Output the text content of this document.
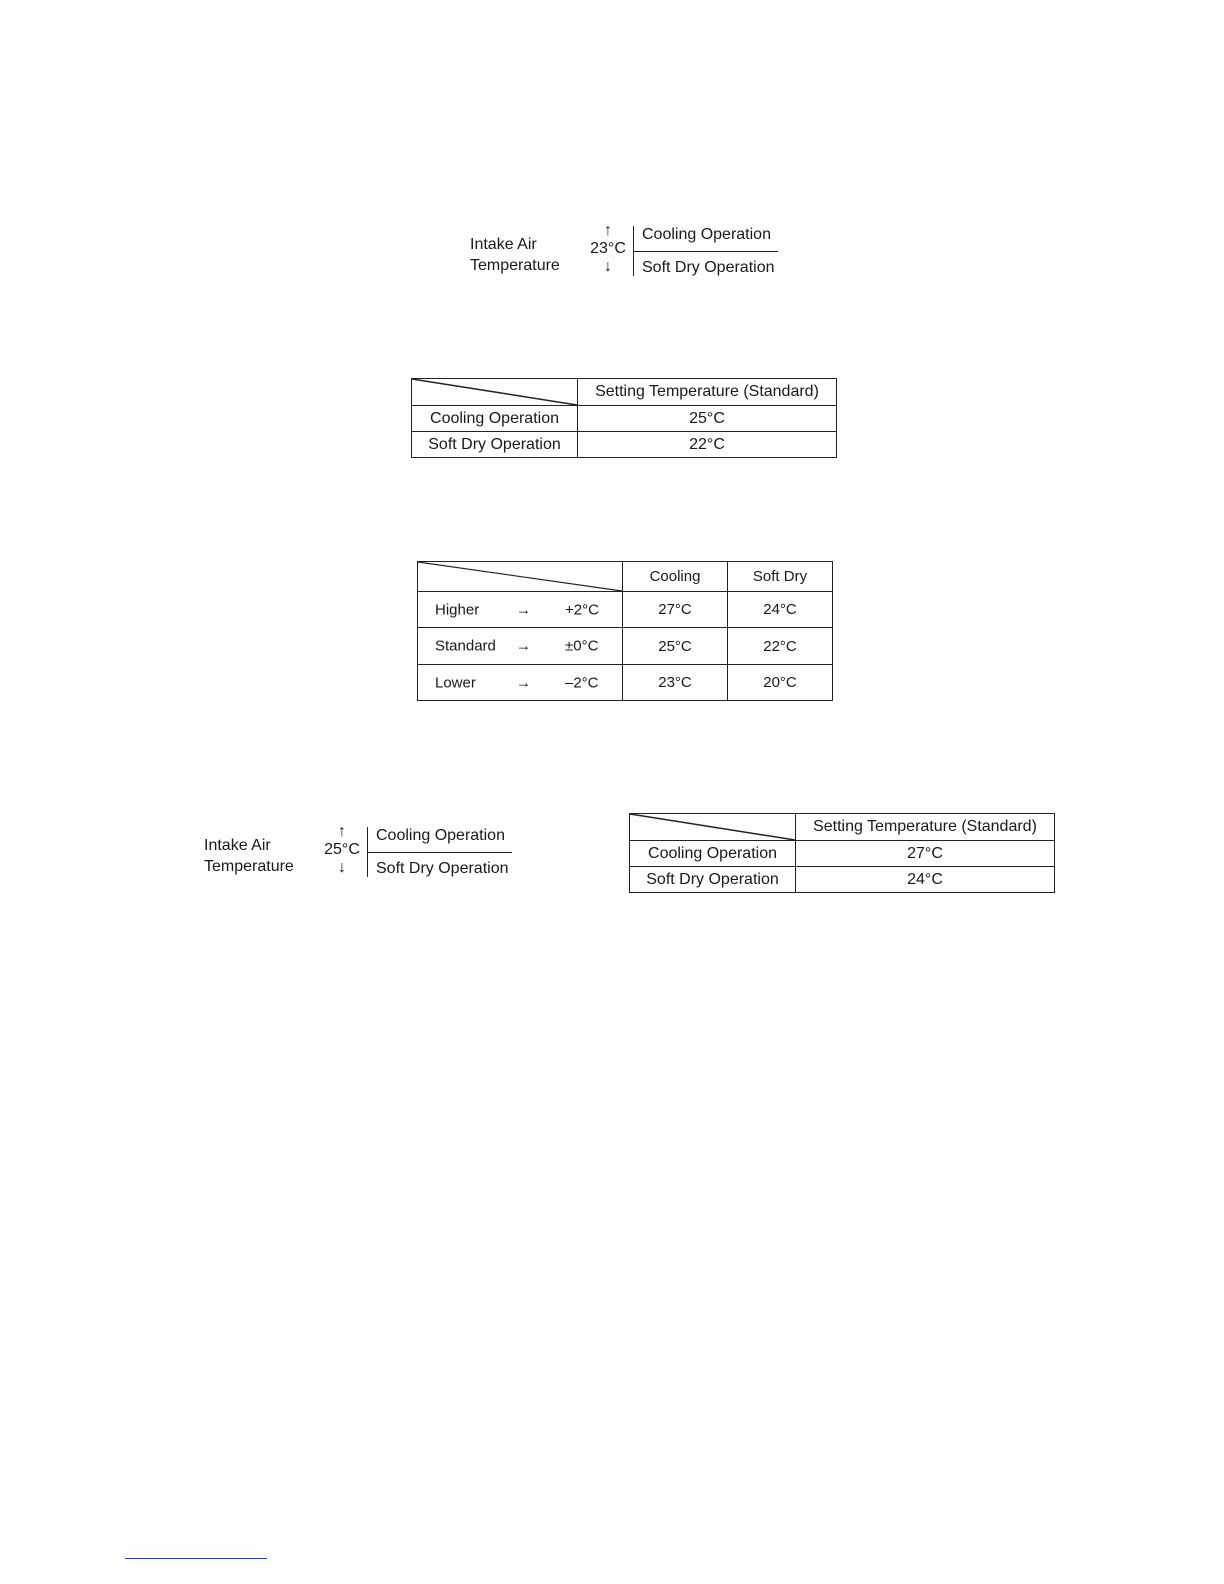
Intake Air
Temperature
↑
23°C
↓
Cooling Operation
Soft Dry Operation
	Setting Temperature (Standard)
Cooling Operation	25°C
Soft Dry Operation	22°C
	Cooling	Soft Dry

Higher → +2°C	27°C	24°C

Standard → ±0°C	25°C	22°C

Lower → –2°C	23°C	20°C
Intake Air
Temperature
↑
25°C
↓
Cooling Operation
Soft Dry Operation
	Setting Temperature (Standard)
Cooling Operation	27°C
Soft Dry Operation	24°C
